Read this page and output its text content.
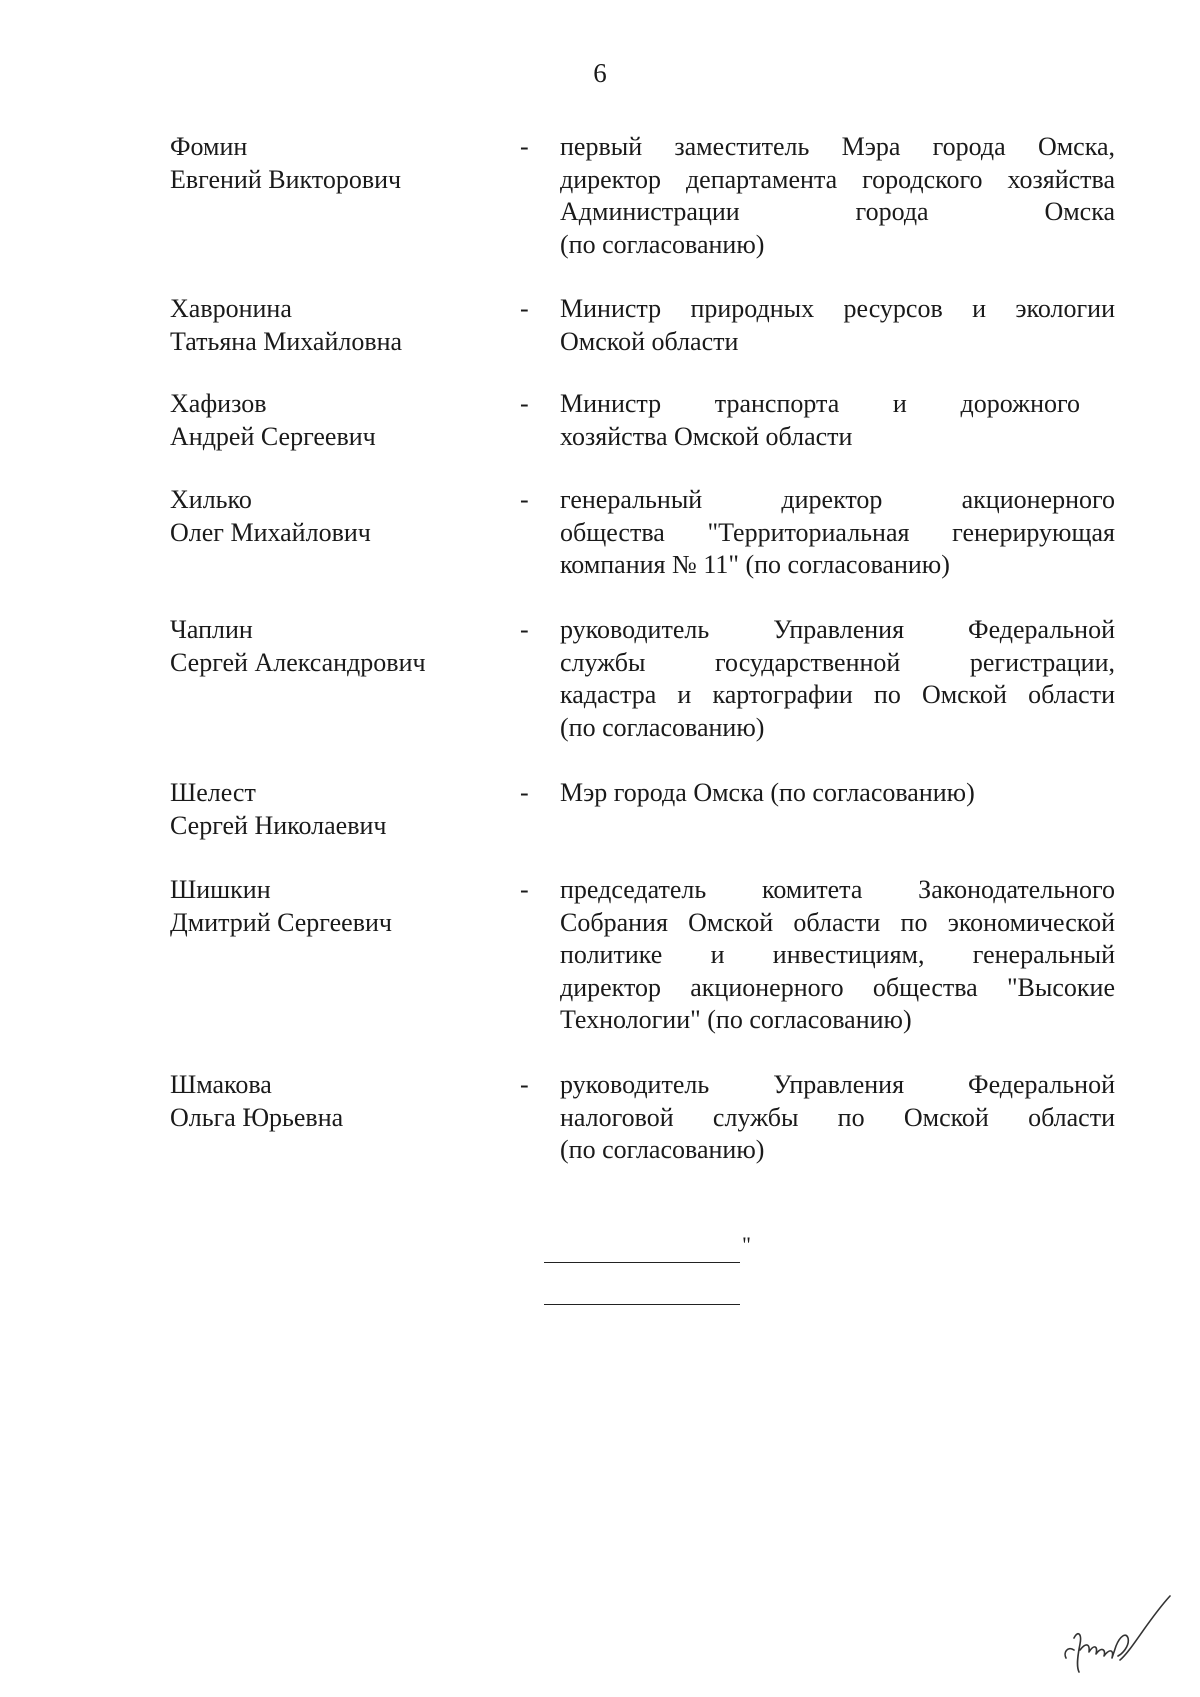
6
Фомин
Евгений Викторович
- первый заместитель Мэра города Омска,
директор департамента городского хозяйства
Администрации города Омска
(по согласованию)
Хавронина
Татьяна Михайловна
- Министр природных ресурсов и экологии
Омской области
Хафизов
Андрей Сергеевич
- Министр транспорта и дорожного
хозяйства Омской области
Хилько
Олег Михайлович
- генеральный директор акционерного
общества "Территориальная генерирующая
компания № 11" (по согласованию)
Чаплин
Сергей Александрович
- руководитель Управления Федеральной
службы государственной регистрации,
кадастра и картографии по Омской области
(по согласованию)
Шелест
Сергей Николаевич
- Мэр города Омска (по согласованию)
Шишкин
Дмитрий Сергеевич
- председатель комитета Законодательного
Собрания Омской области по экономической
политике и инвестициям, генеральный
директор акционерного общества "Высокие
Технологии" (по согласованию)
Шмакова
Ольга Юрьевна
- руководитель Управления Федеральной
налоговой службы по Омской области
(по согласованию)
"
